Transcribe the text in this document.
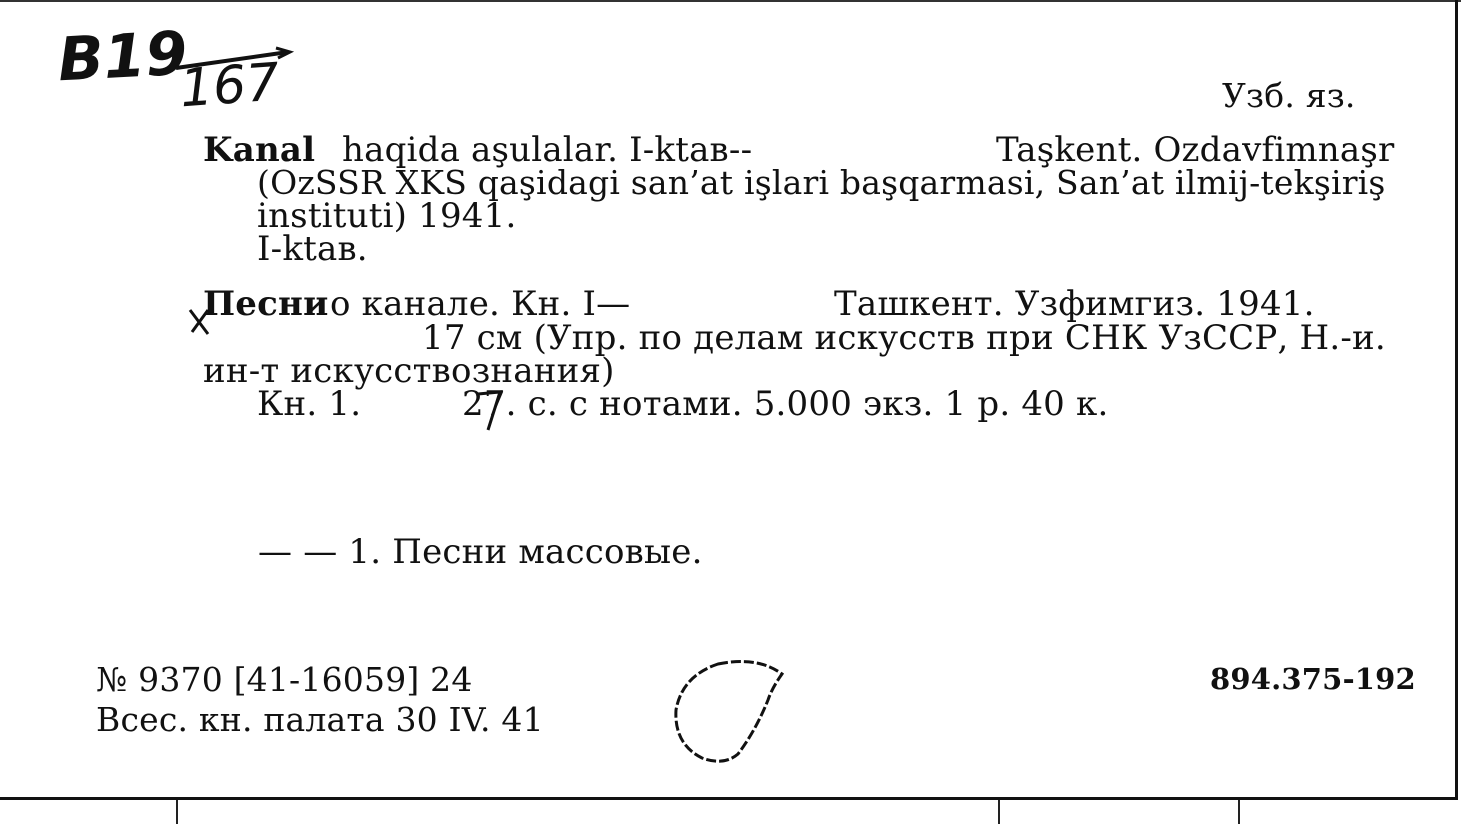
В19
167	Узб. яз.
Kanal haqida aşulalar. I-ktaв--	Taşkent. Ozdavfimnaşr
(OzSSR XKS qaşidagi san’at işlari başqarmasi, San’at ilmij-tekşiriş
instituti) 1941.
I-ktaв.
Песни о канале. Кн. I—	Ташкент. Узфимгиз. 1941.
17 см (Упр. по делам искусств при СНК УзССР, Н.-и.
ин-т искусствознания)
Кн. 1.	27. с. с нотами. 5.000 экз. 1 р. 40 к.
— — 1. Песни массовые.
№ 9370 [41-16059] 24
Всес. кн. палата 30 IV. 41
894.375-192
